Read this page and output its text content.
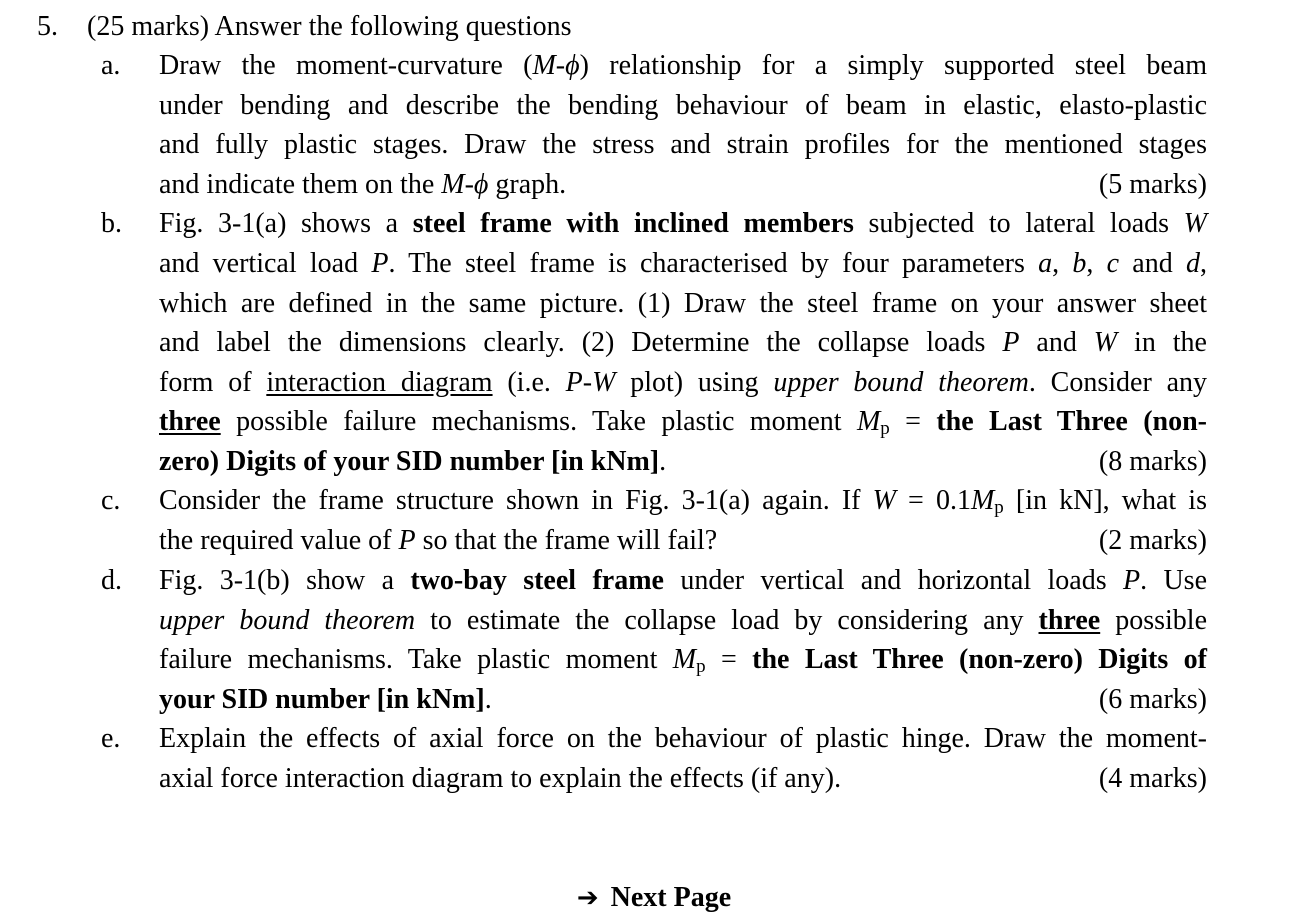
5. (25 marks) Answer the following questions
a. Draw the moment-curvature (M-ϕ) relationship for a simply supported steel beam
under bending and describe the bending behaviour of beam in elastic, elasto-plastic
and fully plastic stages. Draw the stress and strain profiles for the mentioned stages
and indicate them on the M-ϕ graph.	(5 marks)
b. Fig. 3-1(a) shows a steel frame with inclined members subjected to lateral loads W
and vertical load P. The steel frame is characterised by four parameters a, b, c and d,
which are defined in the same picture. (1) Draw the steel frame on your answer sheet
and label the dimensions clearly. (2) Determine the collapse loads P and W in the
form of interaction diagram (i.e. P-W plot) using upper bound theorem. Consider any
three possible failure mechanisms. Take plastic moment $M_p$ = the Last Three (non-
zero) Digits of your SID number [in kNm].	(8 marks)
c. Consider the frame structure shown in Fig. 3-1(a) again. If $W = 0.1M_p$ [in kN], what is
the required value of P so that the frame will fail?	(2 marks)
d. Fig. 3-1(b) show a two-bay steel frame under vertical and horizontal loads P. Use
upper bound theorem to estimate the collapse load by considering any three possible
failure mechanisms. Take plastic moment $M_p$ = the Last Three (non-zero) Digits of
your SID number [in kNm].	(6 marks)
e. Explain the effects of axial force on the behaviour of plastic hinge. Draw the moment-
axial force interaction diagram to explain the effects (if any).	(4 marks)
➔ Next Page
